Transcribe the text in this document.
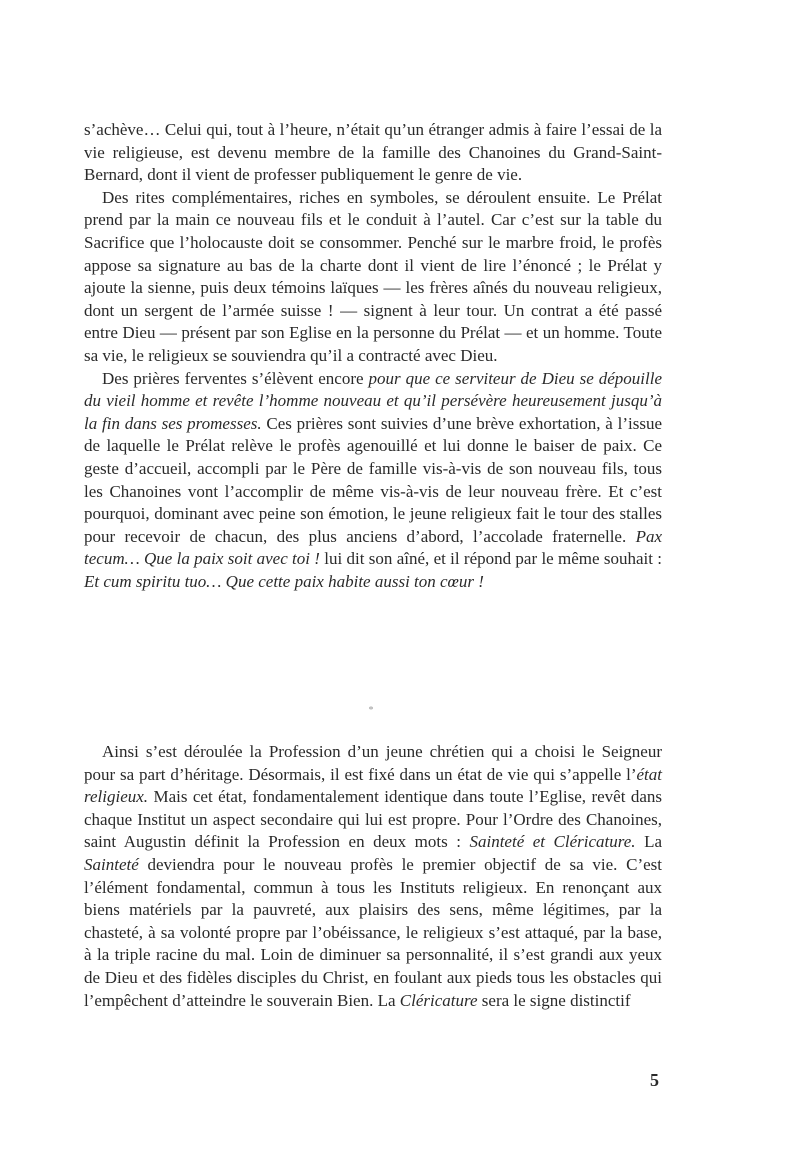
s’achève… Celui qui, tout à l’heure, n’était qu’un étranger admis à faire l’essai de la vie religieuse, est devenu membre de la famille des Chanoines du Grand-Saint-Bernard, dont il vient de professer publiquement le genre de vie.

Des rites complémentaires, riches en symboles, se déroulent ensuite. Le Prélat prend par la main ce nouveau fils et le conduit à l’autel. Car c’est sur la table du Sacrifice que l’holocauste doit se consommer. Penché sur le marbre froid, le profès appose sa signature au bas de la charte dont il vient de lire l’énoncé ; le Prélat y ajoute la sienne, puis deux témoins laïques — les frères aînés du nouveau religieux, dont un sergent de l’armée suisse ! — signent à leur tour. Un contrat a été passé entre Dieu — présent par son Eglise en la personne du Prélat — et un homme. Toute sa vie, le religieux se souviendra qu’il a contracté avec Dieu.

Des prières ferventes s’élèvent encore pour que ce serviteur de Dieu se dépouille du vieil homme et revête l’homme nouveau et qu’il persévère heureusement jusqu’à la fin dans ses promesses. Ces prières sont suivies d’une brève exhortation, à l’issue de laquelle le Prélat relève le profès agenouillé et lui donne le baiser de paix. Ce geste d’accueil, accompli par le Père de famille vis-à-vis de son nouveau fils, tous les Chanoines vont l’accomplir de même vis-à-vis de leur nouveau frère. Et c’est pourquoi, dominant avec peine son émotion, le jeune religieux fait le tour des stalles pour recevoir de chacun, des plus anciens d’abord, l’accolade fraternelle. Pax tecum… Que la paix soit avec toi ! lui dit son aîné, et il répond par le même souhait : Et cum spiritu tuo… Que cette paix habite aussi ton cœur !

*

Ainsi s’est déroulée la Profession d’un jeune chrétien qui a choisi le Seigneur pour sa part d’héritage. Désormais, il est fixé dans un état de vie qui s’appelle l’état religieux. Mais cet état, fondamentalement identique dans toute l’Eglise, revêt dans chaque Institut un aspect secondaire qui lui est propre. Pour l’Ordre des Chanoines, saint Augustin définit la Profession en deux mots : Sainteté et Cléricature. La Sainteté deviendra pour le nouveau profès le premier objectif de sa vie. C’est l’élément fondamental, commun à tous les Instituts religieux. En renonçant aux biens matériels par la pauvreté, aux plaisirs des sens, même légitimes, par la chasteté, à sa volonté propre par l’obéissance, le religieux s’est attaqué, par la base, à la triple racine du mal. Loin de diminuer sa personnalité, il s’est grandi aux yeux de Dieu et des fidèles disciples du Christ, en foulant aux pieds tous les obstacles qui l’empêchent d’atteindre le souverain Bien. La Cléricature sera le signe distinctif

5
